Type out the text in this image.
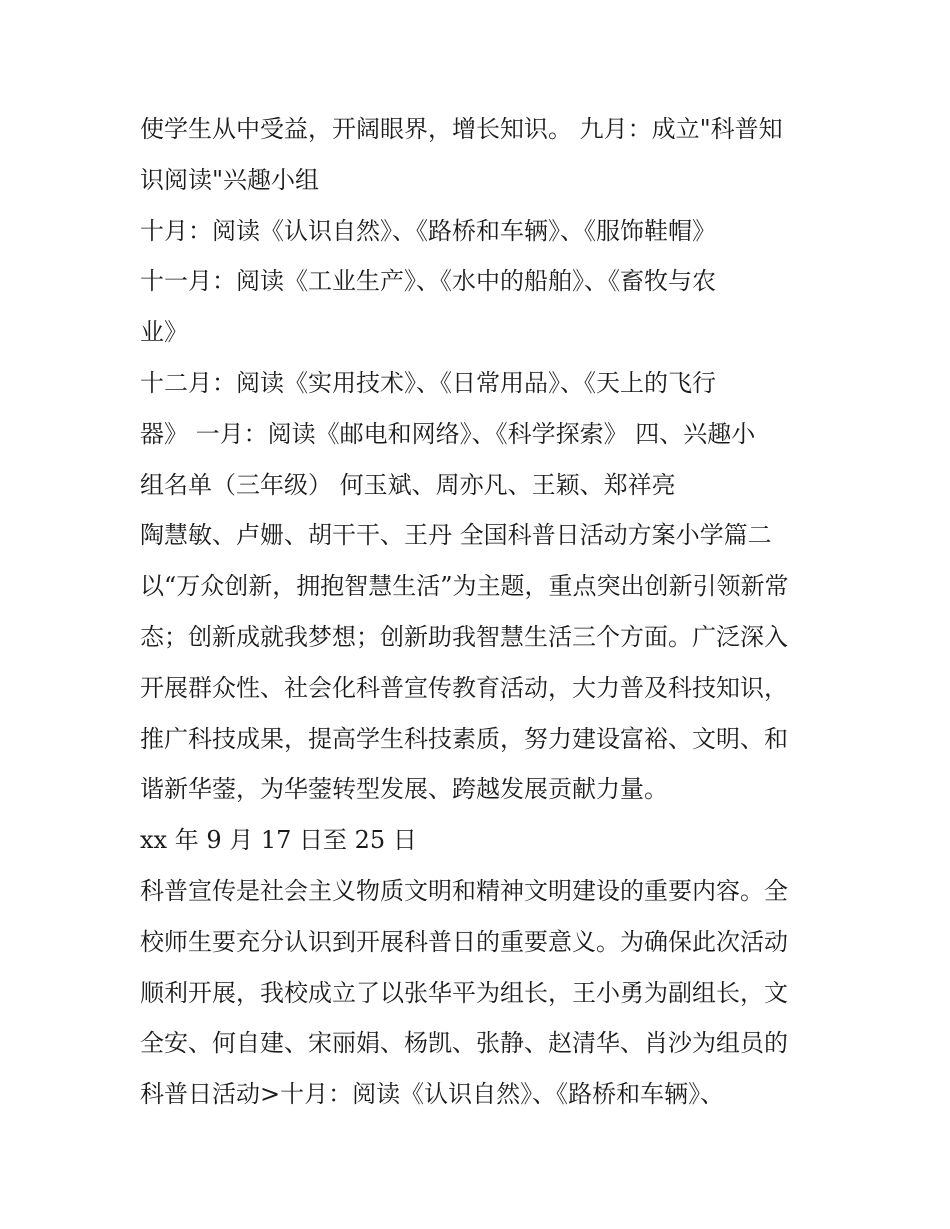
使学生从中受益，开阔眼界，增长知识。 九月：成立"科普知

识阅读"兴趣小组

十月：阅读《认识自然》、《路桥和车辆》、《服饰鞋帽》

十一月：阅读《工业生产》、《水中的船舶》、《畜牧与农

业》

十二月：阅读《实用技术》、《日常用品》、《天上的飞行

器》 一月：阅读《邮电和网络》、《科学探索》 四、兴趣小

组名单（三年级） 何玉斌、周亦凡、王颖、郑祥亮

陶慧敏、卢姗、胡干干、王丹 全国科普日活动方案小学篇二

以“万众创新，拥抱智慧生活”为主题，重点突出创新引领新常

态；创新成就我梦想；创新助我智慧生活三个方面。广泛深入

开展群众性、社会化科普宣传教育活动，大力普及科技知识，

推广科技成果，提高学生科技素质，努力建设富裕、文明、和

谐新华蓥，为华蓥转型发展、跨越发展贡献力量。

xx 年 9 月 17 日至 25 日

科普宣传是社会主义物质文明和精神文明建设的重要内容。全

校师生要充分认识到开展科普日的重要意义。为确保此次活动

顺利开展，我校成立了以张华平为组长，王小勇为副组长，文

全安、何自建、宋丽娟、杨凯、张静、赵清华、肖沙为组员的

科普日活动>十月：阅读《认识自然》、《路桥和车辆》、
